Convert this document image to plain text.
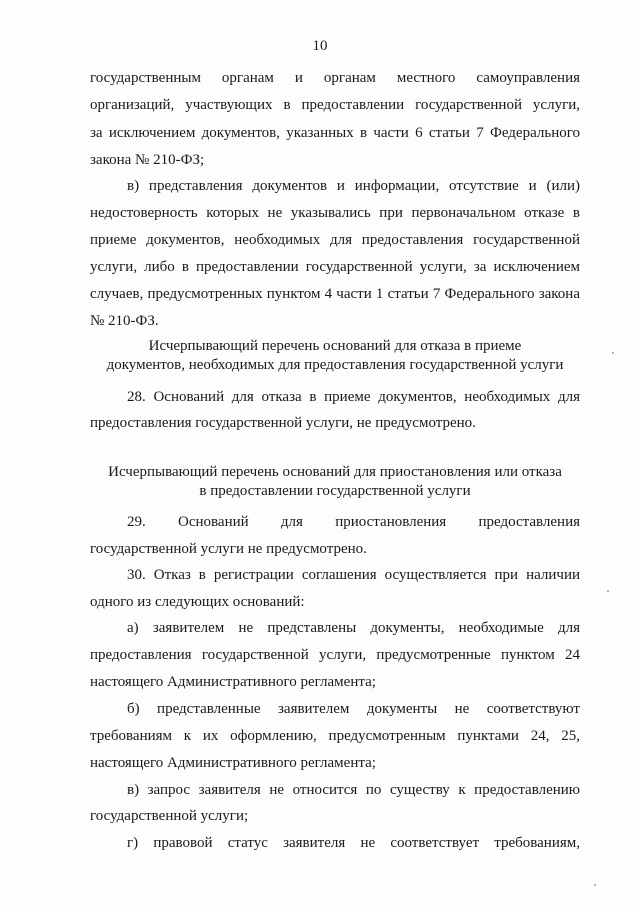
10
государственным органам и органам местного самоуправления
организаций, участвующих в предоставлении государственной услуги,
за исключением документов, указанных в части 6 статьи 7 Федерального
закона № 210-ФЗ;
в) представления документов и информации, отсутствие и (или)
недостоверность которых не указывались при первоначальном отказе в
приеме документов, необходимых для предоставления государственной
услуги, либо в предоставлении государственной услуги, за исключением
случаев, предусмотренных пунктом 4 части 1 статьи 7 Федерального закона
№ 210-ФЗ.
Исчерпывающий перечень оснований для отказа в приеме
документов, необходимых для предоставления государственной услуги
28. Оснований для отказа в приеме документов, необходимых для
предоставления государственной услуги, не предусмотрено.
Исчерпывающий перечень оснований для приостановления или отказа
в предоставлении государственной услуги
29. Оснований для приостановления предоставления
государственной услуги не предусмотрено.
30. Отказ в регистрации соглашения осуществляется при наличии
одного из следующих оснований:
а) заявителем не представлены документы, необходимые для
предоставления государственной услуги, предусмотренные пунктом 24
настоящего Административного регламента;
б) представленные заявителем документы не соответствуют
требованиям к их оформлению, предусмотренным пунктами 24, 25,
настоящего Административного регламента;
в) запрос заявителя не относится по существу к предоставлению
государственной услуги;
г) правовой статус заявителя не соответствует требованиям,
